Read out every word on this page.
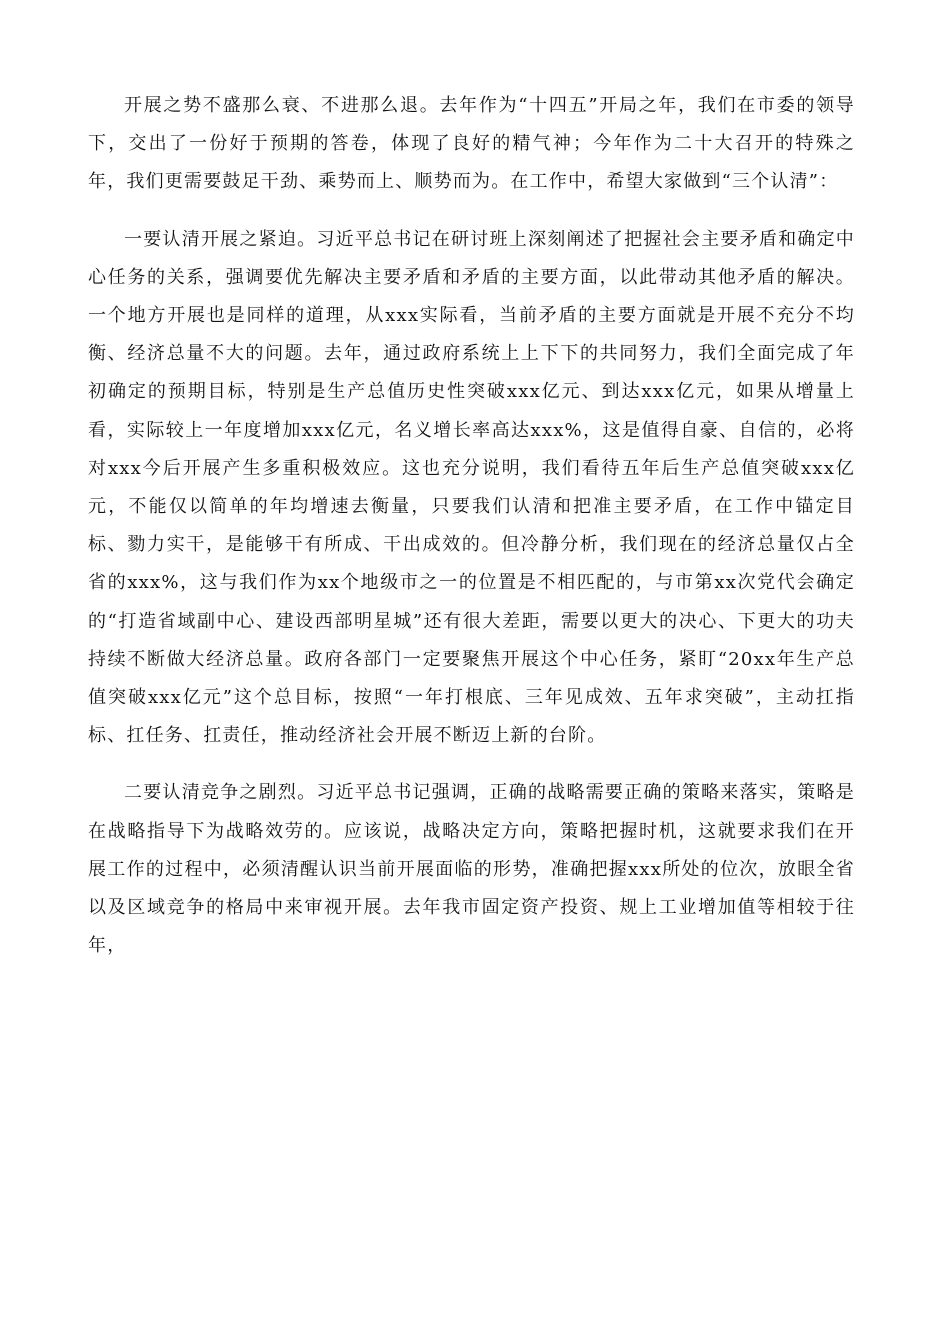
开展之势不盛那么衰、不进那么退。去年作为“十四五”开局之年，我们在市委的领导下，交出了一份好于预期的答卷，体现了良好的精气神；今年作为二十大召开的特殊之年，我们更需要鼓足干劲、乘势而上、顺势而为。在工作中，希望大家做到“三个认清”：

一要认清开展之紧迫。习近平总书记在研讨班上深刻阐述了把握社会主要矛盾和确定中心任务的关系，强调要优先解决主要矛盾和矛盾的主要方面，以此带动其他矛盾的解决。一个地方开展也是同样的道理，从xxx实际看，当前矛盾的主要方面就是开展不充分不均衡、经济总量不大的问题。去年，通过政府系统上上下下的共同努力，我们全面完成了年初确定的预期目标，特别是生产总值历史性突破xxx亿元、到达xxx亿元，如果从增量上看，实际较上一年度增加xxx亿元，名义增长率高达xxx%，这是值得自豪、自信的，必将对xxx今后开展产生多重积极效应。这也充分说明，我们看待五年后生产总值突破xxx亿元，不能仅以简单的年均增速去衡量，只要我们认清和把准主要矛盾，在工作中锚定目标、勠力实干，是能够干有所成、干出成效的。但冷静分析，我们现在的经济总量仅占全省的xxx%，这与我们作为xx个地级市之一的位置是不相匹配的，与市第xx次党代会确定的“打造省域副中心、建设西部明星城”还有很大差距，需要以更大的决心、下更大的功夫持续不断做大经济总量。政府各部门一定要聚焦开展这个中心任务，紧盯“20xx年生产总值突破xxx亿元”这个总目标，按照“一年打根底、三年见成效、五年求突破”，主动扛指标、扛任务、扛责任，推动经济社会开展不断迈上新的台阶。

二要认清竞争之剧烈。习近平总书记强调，正确的战略需要正确的策略来落实，策略是在战略指导下为战略效劳的。应该说，战略决定方向，策略把握时机，这就要求我们在开展工作的过程中，必须清醒认识当前开展面临的形势，准确把握xxx所处的位次，放眼全省以及区域竞争的格局中来审视开展。去年我市固定资产投资、规上工业增加值等相较于往年，
